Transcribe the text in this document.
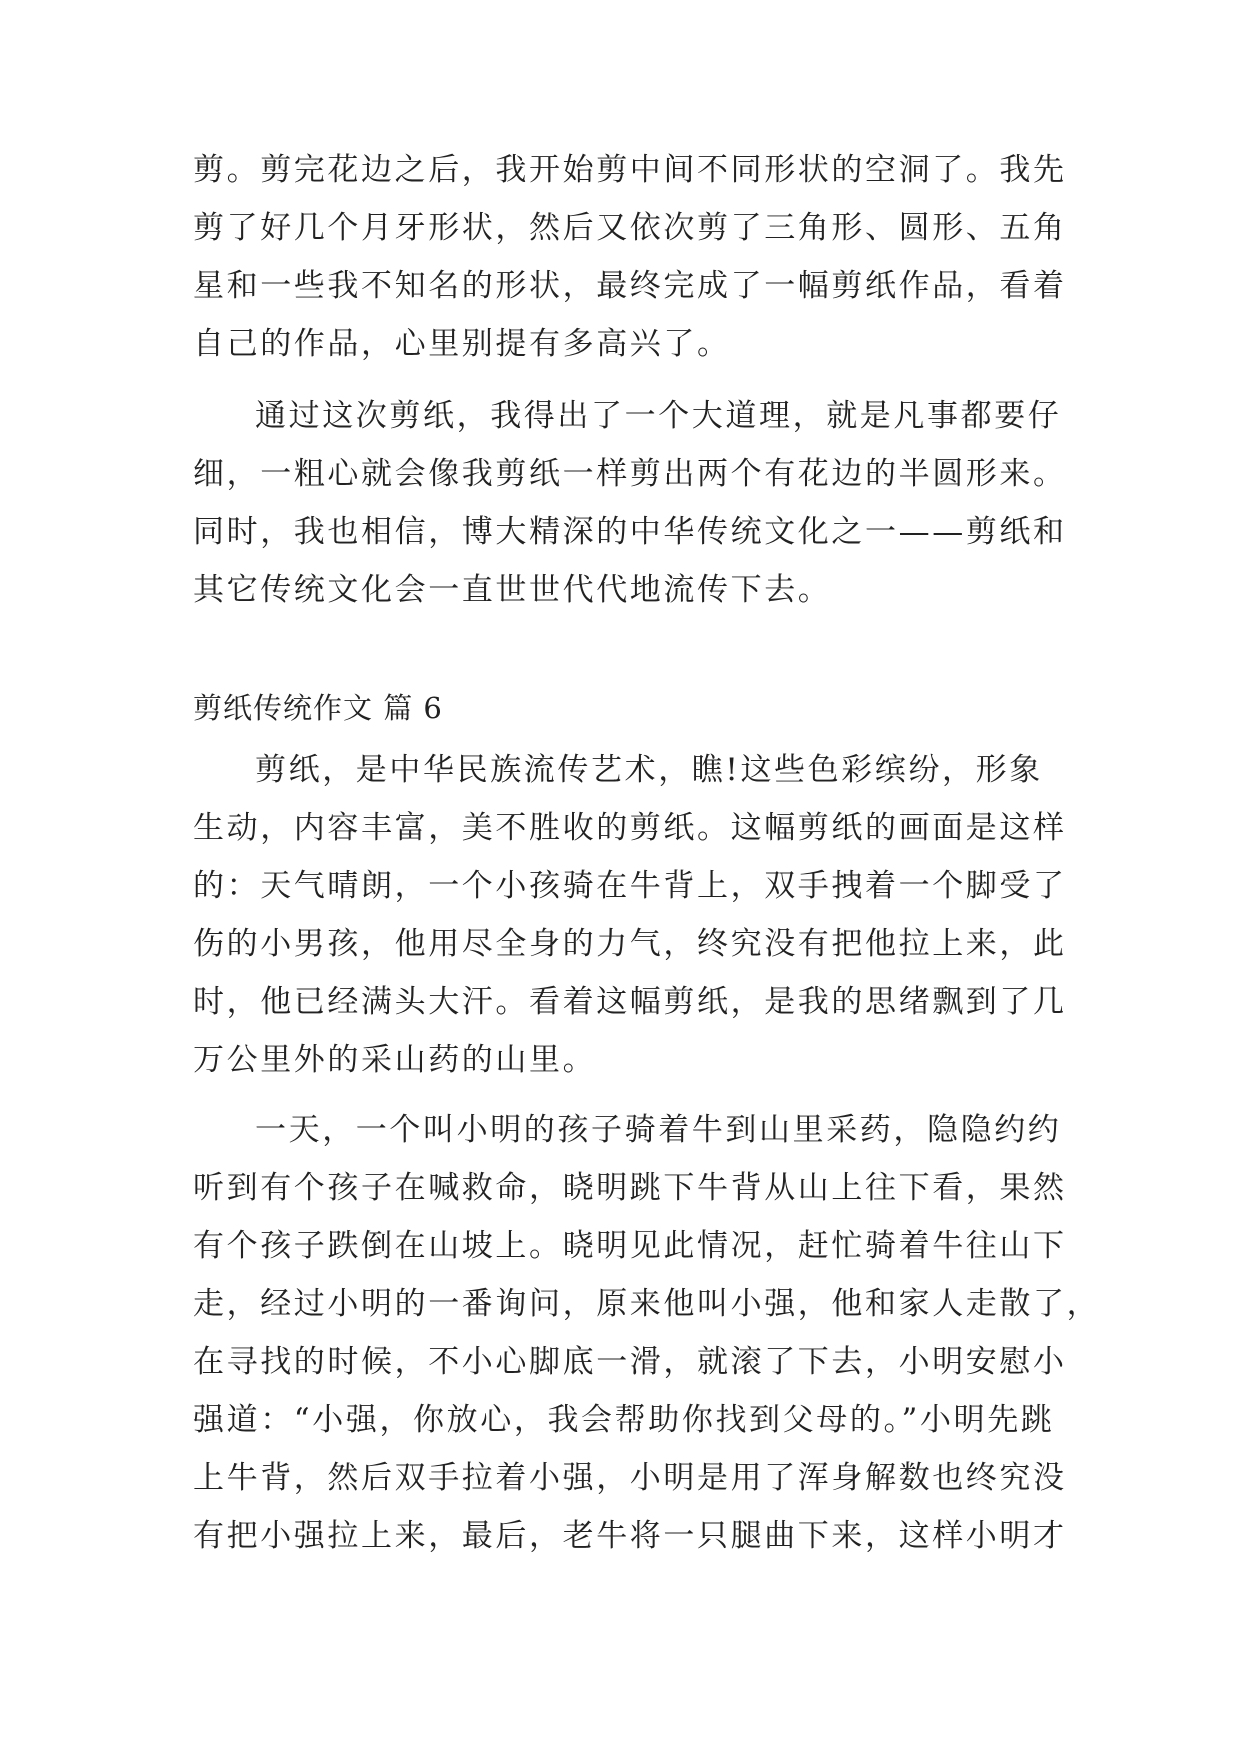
剪。剪完花边之后，我开始剪中间不同形状的空洞了。我先
剪了好几个月牙形状，然后又依次剪了三角形、圆形、五角
星和一些我不知名的形状，最终完成了一幅剪纸作品，看着
自己的作品，心里别提有多高兴了。
通过这次剪纸，我得出了一个大道理，就是凡事都要仔
细，一粗心就会像我剪纸一样剪出两个有花边的半圆形来。
同时，我也相信，博大精深的中华传统文化之一——剪纸和
其它传统文化会一直世世代代地流传下去。
剪纸传统作文 篇 6
剪纸，是中华民族流传艺术，瞧!这些色彩缤纷，形象
生动，内容丰富，美不胜收的剪纸。这幅剪纸的画面是这样
的：天气晴朗，一个小孩骑在牛背上，双手拽着一个脚受了
伤的小男孩，他用尽全身的力气，终究没有把他拉上来，此
时，他已经满头大汗。看着这幅剪纸，是我的思绪飘到了几
万公里外的采山药的山里。
一天，一个叫小明的孩子骑着牛到山里采药，隐隐约约
听到有个孩子在喊救命，晓明跳下牛背从山上往下看，果然
有个孩子跌倒在山坡上。晓明见此情况，赶忙骑着牛往山下
走，经过小明的一番询问，原来他叫小强，他和家人走散了，
在寻找的时候，不小心脚底一滑，就滚了下去，小明安慰小
强道：“小强，你放心，我会帮助你找到父母的。”小明先跳
上牛背，然后双手拉着小强，小明是用了浑身解数也终究没
有把小强拉上来，最后，老牛将一只腿曲下来，这样小明才
